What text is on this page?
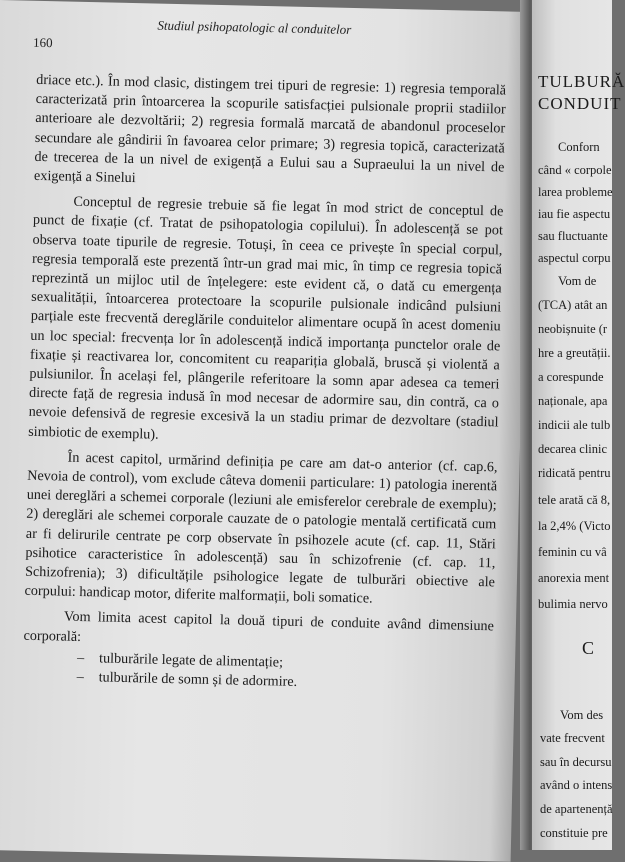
160
Studiul psihopatologic al conduitelor

driace etc.). În mod clasic, distingem trei tipuri de regresie: 1) regresia temporală caracterizată prin întoarcerea la scopurile satisfacției pulsionale proprii stadiilor anterioare ale dezvoltării; 2) regresia formală marcată de abandonul proceselor secundare ale gândirii în favoarea celor primare; 3) regresia topică, caracterizată de trecerea de la un nivel de exigență a Eului sau a Supraeului la un nivel de exigență a Sinelui

Conceptul de regresie trebuie să fie legat în mod strict de conceptul de punct de fixație (cf. Tratat de psihopatologia copilului). În adolescență se pot observa toate tipurile de regresie. Totuși, în ceea ce privește în special corpul, regresia temporală este prezentă într-un grad mai mic, în timp ce regresia topică reprezintă un mijloc util de înțelegere: este evident că, o dată cu emergența sexualității, întoarcerea protectoare la scopurile pulsionale indicând pulsiuni parțiale este frecventă dereglările conduitelor alimentare ocupă în acest domeniu un loc special: frecvența lor în adolescență indică importanța punctelor orale de fixație și reactivarea lor, concomitent cu reapariția globală, bruscă și violentă a pulsiunilor. În același fel, plângerile referitoare la somn apar adesea ca temeri directe față de regresia indusă în mod necesar de adormire sau, din contră, ca o nevoie defensivă de regresie excesivă la un stadiu primar de dezvoltare (stadiul simbiotic de exemplu).

În acest capitol, urmărind definiția pe care am dat-o anterior (cf. cap.6, Nevoia de control), vom exclude câteva domenii particulare: 1) patologia inerentă unei dereglări a schemei corporale (leziuni ale emisferelor cerebrale de exemplu); 2) dereglări ale schemei corporale cauzate de o patologie mentală certificată cum ar fi delirurile centrate pe corp observate în psihozele acute (cf. cap. 11, Stări psihotice caracteristice în adolescență) sau în schizofrenie (cf. cap. 11, Schizofrenia); 3) dificultățile psihologice legate de tulburări obiective ale corpului: handicap motor, diferite malformații, boli somatice.

Vom limita acest capitol la două tipuri de conduite având dimensiune corporală:

– tulburările legate de alimentație;
– tulburările de somn și de adormire.
TULBURĂ
CONDUIT
Conforn
când « corpole
larea probleme
iau fie aspectu
sau fluctuante
aspectul corpu
Vom de
(TCA) atât an
neobișnuite (r
hre a greutății.
a corespunde
naționale, apa
indicii ale tulb
decarea clinic
ridicată pentru
tele arată că 8,
la 2,4% (Victo
feminin cu vâ
anorexia ment
bulimia nervo
C
Vom des
vate frecvent
sau în decursu
având o intens
de apartenență
constituie pre
